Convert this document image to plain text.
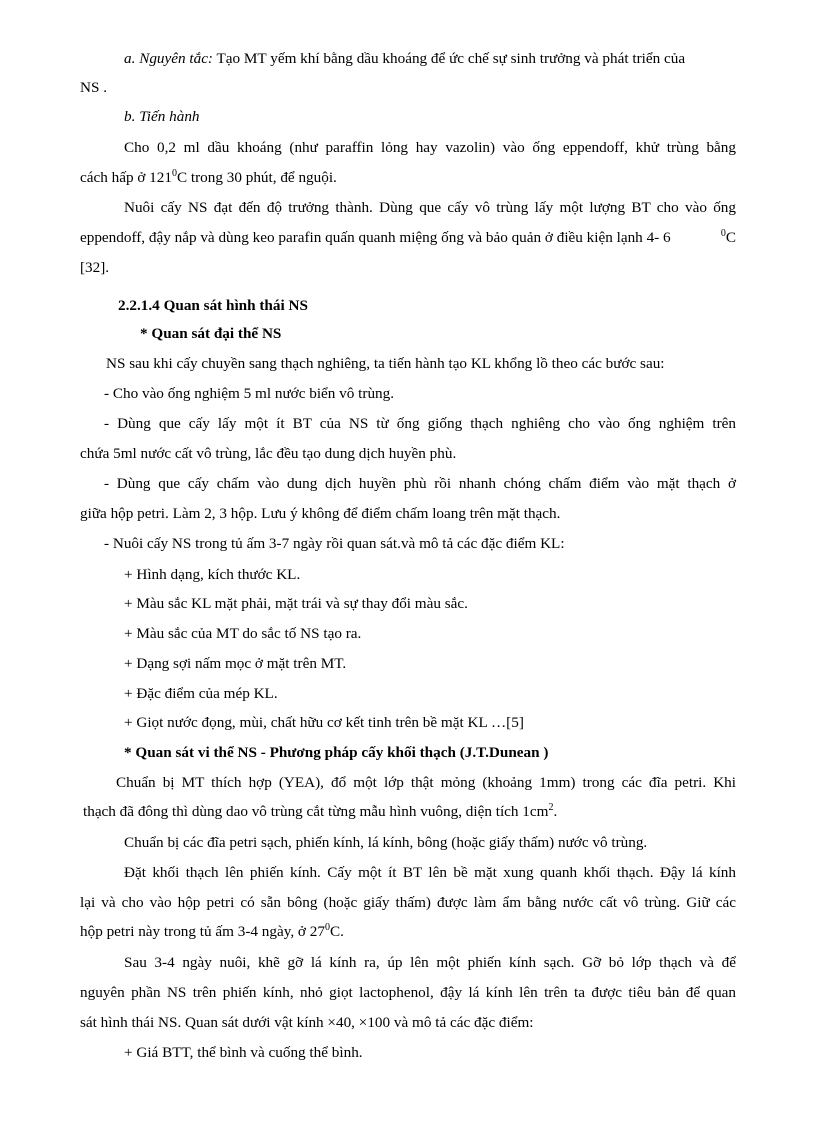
a. Nguyên tắc: Tạo MT yếm khí bằng dầu khoáng để ức chế sự sinh trưởng và phát triển của
NS .
b. Tiến hành
Cho 0,2 ml dầu khoáng (như paraffin lỏng hay vazolin) vào ống eppendoff, khử trùng bằng
cách hấp ở $121^0C$ trong 30 phút, để nguội.
Nuôi cấy NS đạt đến độ trưởng thành. Dùng que cấy vô trùng lấy một lượng BT cho vào ống
eppendoff, đậy nắp và dùng keo parafin quấn quanh miệng ống và bảo quản ở điều kiện lạnh 4- 6	$^0$C
[32].
2.2.1.4 Quan sát hình thái NS
* Quan sát đại thể NS
NS sau khi cấy chuyền sang thạch nghiêng, ta tiến hành tạo KL khổng lồ theo các bước sau:
- Cho vào ống nghiệm 5 ml nước biển vô trùng.
- Dùng que cấy lấy một ít BT của NS từ ống giống thạch nghiêng cho vào ống nghiệm trên
chứa 5ml nước cất vô trùng, lắc đều tạo dung dịch huyền phù.
- Dùng que cấy chấm vào dung dịch huyền phù rồi nhanh chóng chấm điểm vào mặt thạch ở
giữa hộp petri. Làm 2, 3 hộp. Lưu ý không để điểm chấm loang trên mặt thạch.
- Nuôi cấy NS trong tủ ấm 3-7 ngày rồi quan sát.và mô tả các đặc điểm KL:
+ Hình dạng, kích thước KL.
+ Màu sắc KL mặt phải, mặt trái và sự thay đổi màu sắc.
+ Màu sắc của MT do sắc tố NS tạo ra.
+ Dạng sợi nấm mọc ở mặt trên MT.
+ Đặc điểm của mép KL.
+ Giọt nước đọng, mùi, chất hữu cơ kết tinh trên bề mặt KL …[5]
* Quan sát vi thể NS - Phương pháp cấy khối thạch (J.T.Dunean )
Chuẩn bị MT thích hợp (YEA), đổ một lớp thật mỏng (khoảng 1mm) trong các đĩa petri. Khi
thạch đã đông thì dùng dao vô trùng cắt từng mẫu hình vuông, diện tích $1cm^2$.
Chuẩn bị các đĩa petri sạch, phiến kính, lá kính, bông (hoặc giấy thấm) nước vô trùng.
Đặt khối thạch lên phiến kính. Cấy một ít BT lên bề mặt xung quanh khối thạch. Đậy lá kính
lại và cho vào hộp petri có sẵn bông (hoặc giấy thấm) được làm ẩm bằng nước cất vô trùng. Giữ các
hộp petri này trong tủ ấm 3-4 ngày, ở $27^0C$.
Sau 3-4 ngày nuôi, khẽ gỡ lá kính ra, úp lên một phiến kính sạch. Gỡ bỏ lớp thạch và để
nguyên phần NS trên phiến kính, nhỏ giọt lactophenol, đậy lá kính lên trên ta được tiêu bản để quan
sát hình thái NS. Quan sát dưới vật kính ×40, ×100 và mô tả các đặc điểm:
+ Giá BTT, thể bình và cuống thể bình.
